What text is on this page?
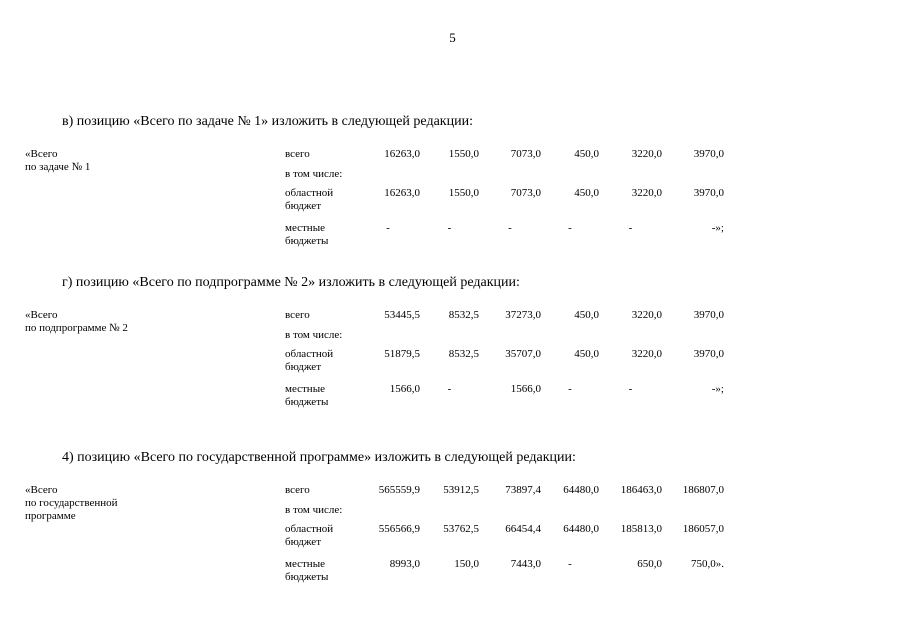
5
в) позицию «Всего по задаче № 1» изложить в следующей редакции:
«Всего
по задаче № 1
всего	16263,0	1550,0	7073,0	450,0	3220,0	3970,0
в том числе:
областной
бюджет
16263,0	1550,0	7073,0	450,0	3220,0	3970,0
местные
бюджеты
-	-	-	-	-	-»;
г) позицию «Всего по подпрограмме № 2» изложить в следующей редакции:
«Всего
по подпрограмме № 2
всего	53445,5	8532,5	37273,0	450,0	3220,0	3970,0
в том числе:
областной
бюджет
51879,5	8532,5	35707,0	450,0	3220,0	3970,0
местные
бюджеты
1566,0	-	1566,0	-	-	-»;
4) позицию «Всего по государственной программе» изложить в следующей редакции:
«Всего
по государственной
программе
всего	565559,9	53912,5	73897,4	64480,0	186463,0	186807,0
в том числе:
областной
бюджет
556566,9	53762,5	66454,4	64480,0	185813,0	186057,0
местные
бюджеты
8993,0	150,0	7443,0	-	650,0	750,0».
